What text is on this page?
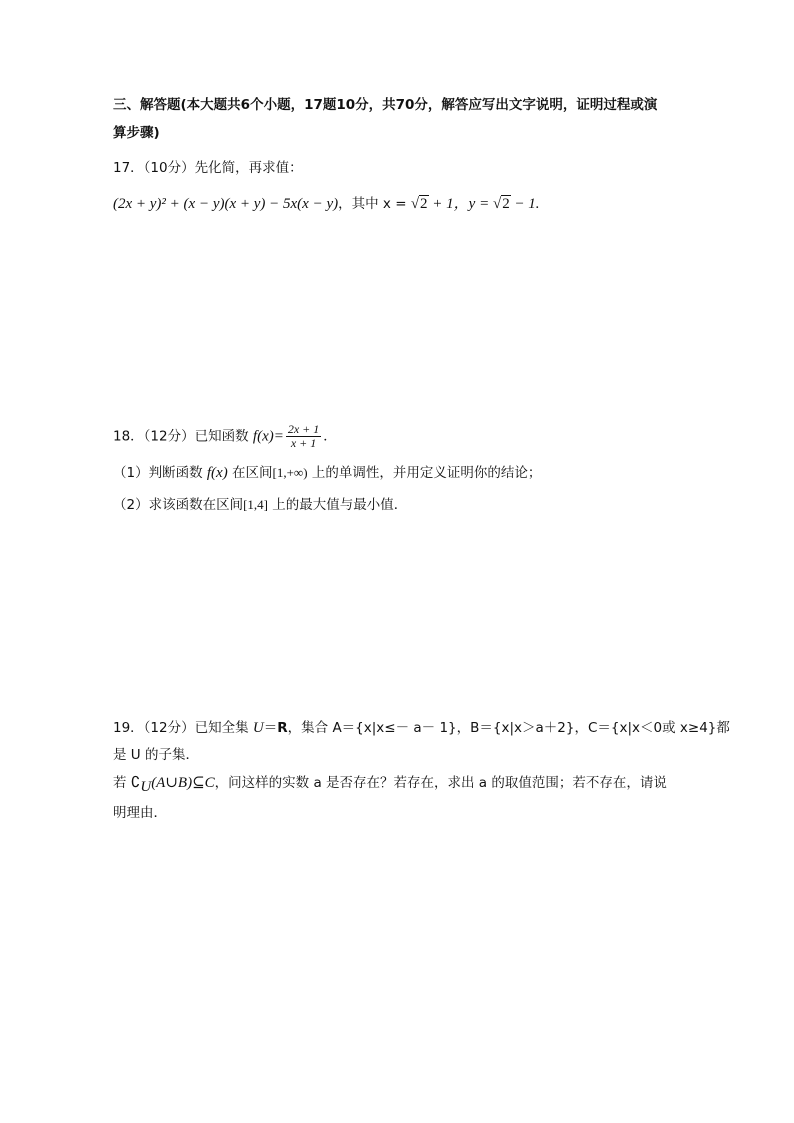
三、解答题(本大题共6个小题，17题10分，共70分，解答应写出文字说明，证明过程或演
算步骤)
17．（10分）先化简，再求值：
(2x + y)² + (x − y)(x + y) − 5x(x − y)，其中 x = √2 + 1，y = √2 − 1.
18．（12分）已知函数 $f(x)= \frac{2x + 1}{x + 1}$ ．
（1）判断函数 f(x) 在区间[1,+∞) 上的单调性，并用定义证明你的结论；
（2）求该函数在区间[1,4] 上的最大值与最小值．
19．（12分）已知全集 U＝R，集合 A＝{x|x≤－ a－ 1}，B＝{x|x＞a＋2}，C＝{x|x＜0或 x≥4}都
是 U 的子集．
若 $∁_U(A\cup B)⊆C$，问这样的实数 a 是否存在？若存在，求出 a 的取值范围；若不存在，请说
明理由．
